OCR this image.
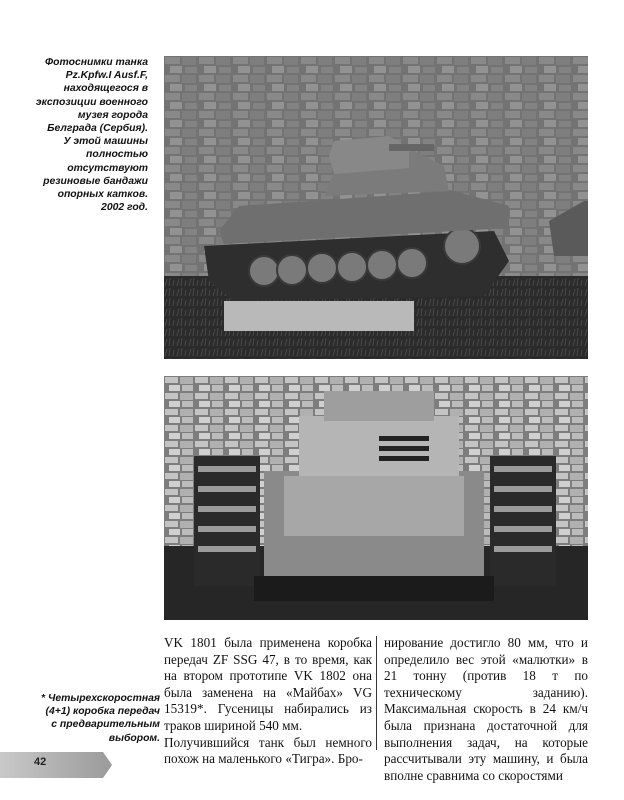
Фотоснимки танка
Pz.Kpfw.I Ausf.F,
находящегося в
экспозиции военного
музея города
Белграда (Сербия).
У этой машины
полностью
отсутствуют
резиновые бандажи
опорных катков.
2002 год.
VK 1801 была применена коробка передач ZF SSG 47, в то время, как на втором прототипе VK 1802 она была заменена на «Майбах» VG 15319*. Гусеницы набирались из траков шириной 540 мм.
Получившийся танк был немного похож на маленького «Тигра». Бро-
нирование достигло 80 мм, что и определило вес этой «малютки» в 21 тонну (против 18 т по техническому заданию). Максимальная скорость в 24 км/ч была признана достаточной для выполнения задач, на которые рассчитывали эту машину, и была вполне сравнима со скоростями
* Четырехскоростная
(4+1) коробка передач
с предварительным
выбором.
42
